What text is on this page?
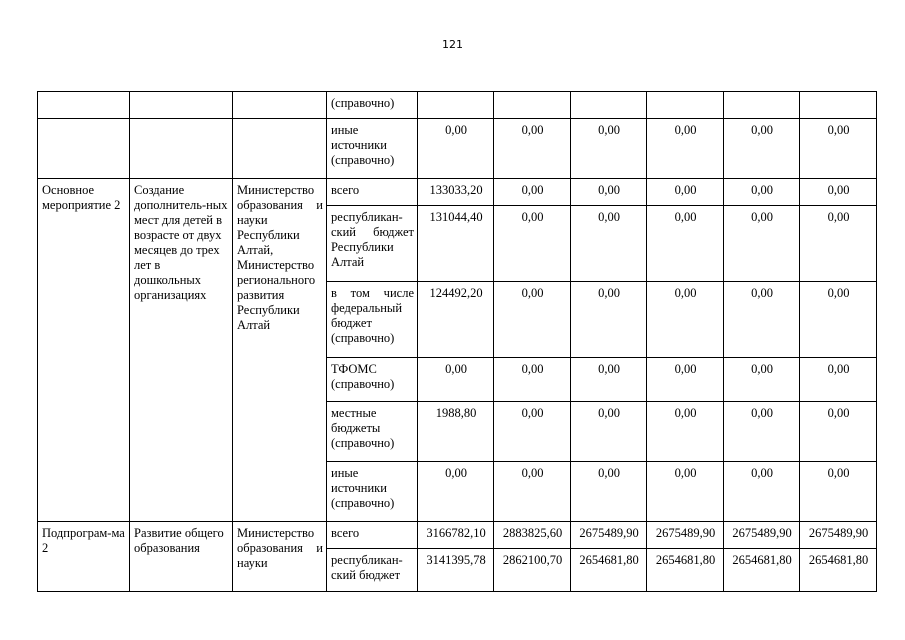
121
			(справочно)						
			иные источники (справочно)	0,00	0,00	0,00	0,00	0,00	0,00
Основное мероприятие 2	Создание дополнитель-ных мест для детей в возрасте от двух месяцев до трех лет в дошкольных организациях	Министерство образования и науки Республики Алтай, Министерство регионального развития Республики Алтай	всего	133033,20	0,00	0,00	0,00	0,00	0,00
			республикан-ский бюджет Республики Алтай	131044,40	0,00	0,00	0,00	0,00	0,00
			в том числе федеральный бюджет (справочно)	124492,20	0,00	0,00	0,00	0,00	0,00
			ТФОМС (справочно)	0,00	0,00	0,00	0,00	0,00	0,00
			местные бюджеты (справочно)	1988,80	0,00	0,00	0,00	0,00	0,00
			иные источники (справочно)	0,00	0,00	0,00	0,00	0,00	0,00
Подпрограм-ма 2	Развитие общего образования	Министерство образования и науки	всего	3166782,10	2883825,60	2675489,90	2675489,90	2675489,90	2675489,90
			республикан-ский бюджет	3141395,78	2862100,70	2654681,80	2654681,80	2654681,80	2654681,80
